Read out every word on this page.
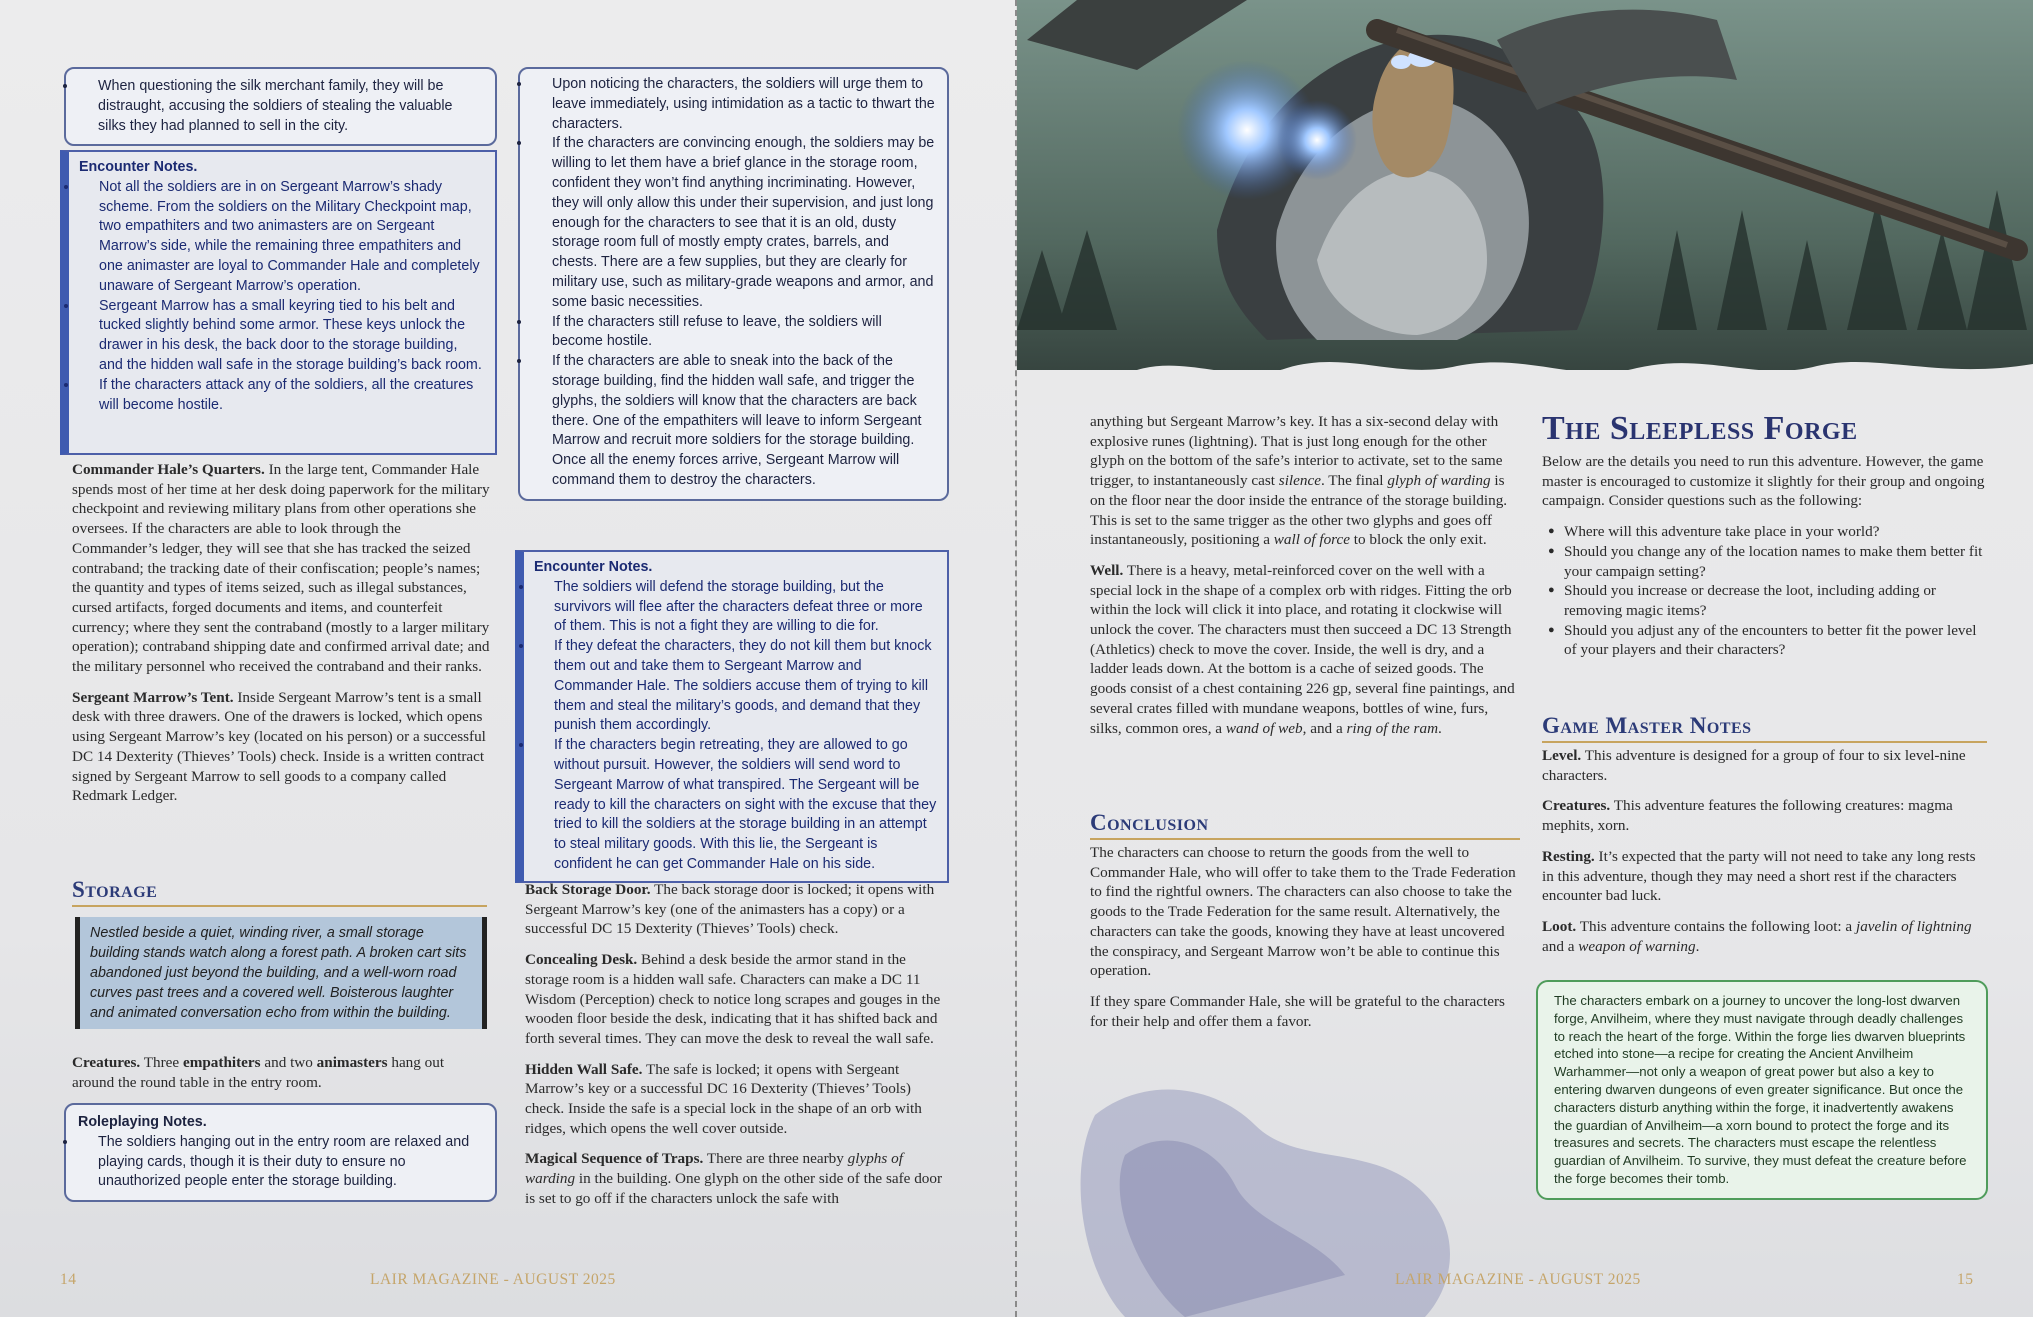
• When questioning the silk merchant family, they will be distraught, accusing the soldiers of stealing the valuable silks they had planned to sell in the city.
Encounter Notes.
• Not all the soldiers are in on Sergeant Marrow’s shady scheme. From the soldiers on the Military Checkpoint map, two empathiters and two animasters are on Sergeant Marrow’s side, while the remaining three empathiters and one animaster are loyal to Commander Hale and completely unaware of Sergeant Marrow’s operation.
• Sergeant Marrow has a small keyring tied to his belt and tucked slightly behind some armor. These keys unlock the drawer in his desk, the back door to the storage building, and the hidden wall safe in the storage building’s back room.
• If the characters attack any of the soldiers, all the creatures will become hostile.

Commander Hale’s Quarters. In the large tent, Commander Hale spends most of her time at her desk doing paperwork for the military checkpoint and reviewing military plans from other operations she oversees. If the characters are able to look through the Commander’s ledger, they will see that she has tracked the seized contraband; the tracking date of their confiscation; people’s names; the quantity and types of items seized, such as illegal substances, cursed artifacts, forged documents and items, and counterfeit currency; where they sent the contraband (mostly to a larger military operation); contraband shipping date and confirmed arrival date; and the military personnel who received the contraband and their ranks.

Sergeant Marrow’s Tent. Inside Sergeant Marrow’s tent is a small desk with three drawers. One of the drawers is locked, which opens using Sergeant Marrow’s key (located on his person) or a successful DC 14 Dexterity (Thieves’ Tools) check. Inside is a written contract signed by Sergeant Marrow to sell goods to a company called Redmark Ledger.

Storage
Nestled beside a quiet, winding river, a small storage building stands watch along a forest path. A broken cart sits abandoned just beyond the building, and a well-worn road curves past trees and a covered well. Boisterous laughter and animated conversation echo from within the building.

Creatures. Three empathiters and two animasters hang out around the round table in the entry room.

Roleplaying Notes.
• The soldiers hanging out in the entry room are relaxed and playing cards, though it is their duty to ensure no unauthorized people enter the storage building.
• Upon noticing the characters, the soldiers will urge them to leave immediately, using intimidation as a tactic to thwart the characters.
• If the characters are convincing enough, the soldiers may be willing to let them have a brief glance in the storage room, confident they won’t find anything incriminating. However, they will only allow this under their supervision, and just long enough for the characters to see that it is an old, dusty storage room full of mostly empty crates, barrels, and chests. There are a few supplies, but they are clearly for military use, such as military-grade weapons and armor, and some basic necessities.
• If the characters still refuse to leave, the soldiers will become hostile.
• If the characters are able to sneak into the back of the storage building, find the hidden wall safe, and trigger the glyphs, the soldiers will know that the characters are back there. One of the empathiters will leave to inform Sergeant Marrow and recruit more soldiers for the storage building. Once all the enemy forces arrive, Sergeant Marrow will command them to destroy the characters.
Encounter Notes.
• The soldiers will defend the storage building, but the survivors will flee after the characters defeat three or more of them. This is not a fight they are willing to die for.
• If they defeat the characters, they do not kill them but knock them out and take them to Sergeant Marrow and Commander Hale. The soldiers accuse them of trying to kill them and steal the military’s goods, and demand that they punish them accordingly.
• If the characters begin retreating, they are allowed to go without pursuit. However, the soldiers will send word to Sergeant Marrow of what transpired. The Sergeant will be ready to kill the characters on sight with the excuse that they tried to kill the soldiers at the storage building in an attempt to steal military goods. With this lie, the Sergeant is confident he can get Commander Hale on his side.

Back Storage Door. The back storage door is locked; it opens with Sergeant Marrow’s key (one of the animasters has a copy) or a successful DC 15 Dexterity (Thieves’ Tools) check.

Concealing Desk. Behind a desk beside the armor stand in the storage room is a hidden wall safe. Characters can make a DC 11 Wisdom (Perception) check to notice long scrapes and gouges in the wooden floor beside the desk, indicating that it has shifted back and forth several times. They can move the desk to reveal the wall safe.

Hidden Wall Safe. The safe is locked; it opens with Sergeant Marrow’s key or a successful DC 16 Dexterity (Thieves’ Tools) check. Inside the safe is a special lock in the shape of an orb with ridges, which opens the well cover outside.

Magical Sequence of Traps. There are three nearby glyphs of warding in the building. One glyph on the other side of the safe door is set to go off if the characters unlock the safe with

14	LAIR MAGAZINE - AUGUST 2025

anything but Sergeant Marrow’s key. It has a six-second delay with explosive runes (lightning). That is just long enough for the other glyph on the bottom of the safe’s interior to activate, set to the same trigger, to instantaneously cast silence. The final glyph of warding is on the floor near the door inside the entrance of the storage building. This is set to the same trigger as the other two glyphs and goes off instantaneously, positioning a wall of force to block the only exit.

Well. There is a heavy, metal-reinforced cover on the well with a special lock in the shape of a complex orb with ridges. Fitting the orb within the lock will click it into place, and rotating it clockwise will unlock the cover. The characters must then succeed a DC 13 Strength (Athletics) check to move the cover. Inside, the well is dry, and a ladder leads down. At the bottom is a cache of seized goods. The goods consist of a chest containing 226 gp, several fine paintings, and several crates filled with mundane weapons, bottles of wine, furs, silks, common ores, a wand of web, and a ring of the ram.

Conclusion

The characters can choose to return the goods from the well to Commander Hale, who will offer to take them to the Trade Federation to find the rightful owners. The characters can also choose to take the goods to the Trade Federation for the same result. Alternatively, the characters can take the goods, knowing they have at least uncovered the conspiracy, and Sergeant Marrow won’t be able to continue this operation.

If they spare Commander Hale, she will be grateful to the characters for their help and offer them a favor.

The Sleepless Forge

Below are the details you need to run this adventure. However, the game master is encouraged to customize it slightly for their group and ongoing campaign. Consider questions such as the following:

● Where will this adventure take place in your world?
● Should you change any of the location names to make them better fit your campaign setting?
● Should you increase or decrease the loot, including adding or removing magic items?
● Should you adjust any of the encounters to better fit the power level of your players and their characters?
Game Master Notes

Level. This adventure is designed for a group of four to six level-nine characters.

Creatures. This adventure features the following creatures: magma mephits, xorn.

Resting. It’s expected that the party will not need to take any long rests in this adventure, though they may need a short rest if the characters encounter bad luck.

Loot. This adventure contains the following loot: a javelin of lightning and a weapon of warning.

The characters embark on a journey to uncover the long-lost dwarven forge, Anvilheim, where they must navigate through deadly challenges to reach the heart of the forge. Within the forge lies dwarven blueprints etched into stone—a recipe for creating the Ancient Anvilheim Warhammer—not only a weapon of great power but also a key to entering dwarven dungeons of even greater significance. But once the characters disturb anything within the forge, it inadvertently awakens the guardian of Anvilheim—a xorn bound to protect the forge and its treasures and secrets. The characters must escape the relentless guardian of Anvilheim. To survive, they must defeat the creature before the forge becomes their tomb.
LAIR MAGAZINE - AUGUST 2025	15
